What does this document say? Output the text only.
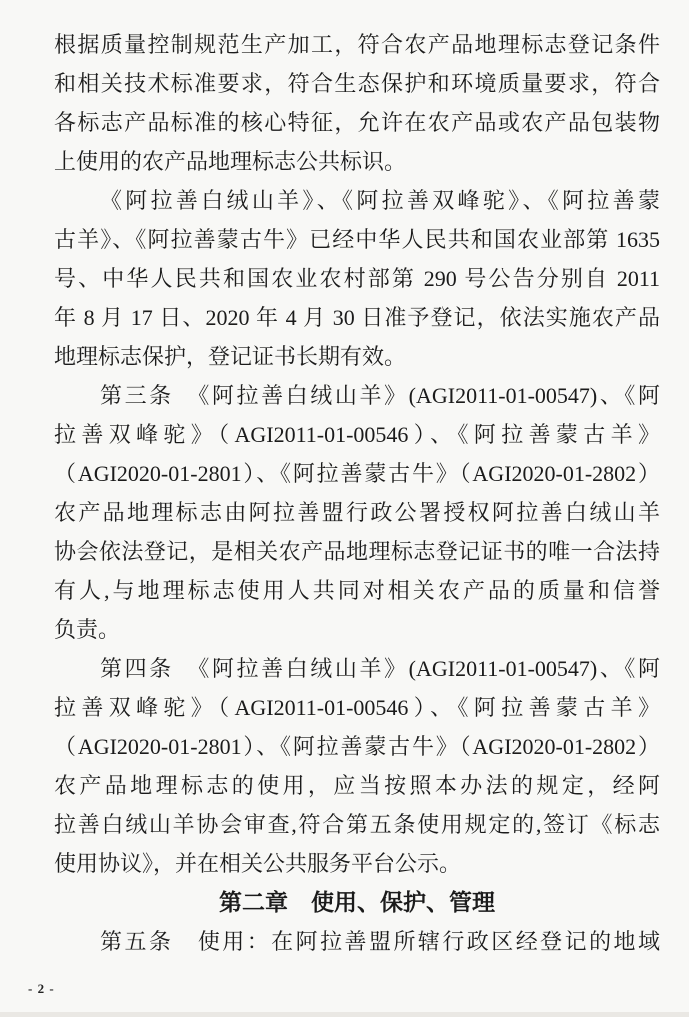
根据质量控制规范生产加工，符合农产品地理标志登记条件
和相关技术标准要求，符合生态保护和环境质量要求，符合
各标志产品标准的核心特征，允许在农产品或农产品包装物
上使用的农产品地理标志公共标识。
《阿拉善白绒山羊》、《阿拉善双峰驼》、《阿拉善蒙
古羊》、《阿拉善蒙古牛》已经中华人民共和国农业部第 1635
号、中华人民共和国农业农村部第 290 号公告分别自 2011
年 8 月 17 日、2020 年 4 月 30 日准予登记，依法实施农产品
地理标志保护，登记证书长期有效。
第三条　《阿拉善白绒山羊》(AGI2011-01-00547)、《阿
拉善双峰驼》（AGI2011-01-00546）、《阿拉善蒙古羊》
（AGI2020-01-2801）、《阿拉善蒙古牛》（AGI2020-01-2802）
农产品地理标志由阿拉善盟行政公署授权阿拉善白绒山羊
协会依法登记，是相关农产品地理标志登记证书的唯一合法持
有人,与地理标志使用人共同对相关农产品的质量和信誉
负责。
第四条　《阿拉善白绒山羊》(AGI2011-01-00547)、《阿
拉善双峰驼》（AGI2011-01-00546）、《阿拉善蒙古羊》
（AGI2020-01-2801）、《阿拉善蒙古牛》（AGI2020-01-2802）
农产品地理标志的使用，应当按照本办法的规定，经阿
拉善白绒山羊协会审查,符合第五条使用规定的,签订《标志
使用协议》，并在相关公共服务平台公示。
第二章　使用、保护、管理
第五条　使用：在阿拉善盟所辖行政区经登记的地域
- 2 -
